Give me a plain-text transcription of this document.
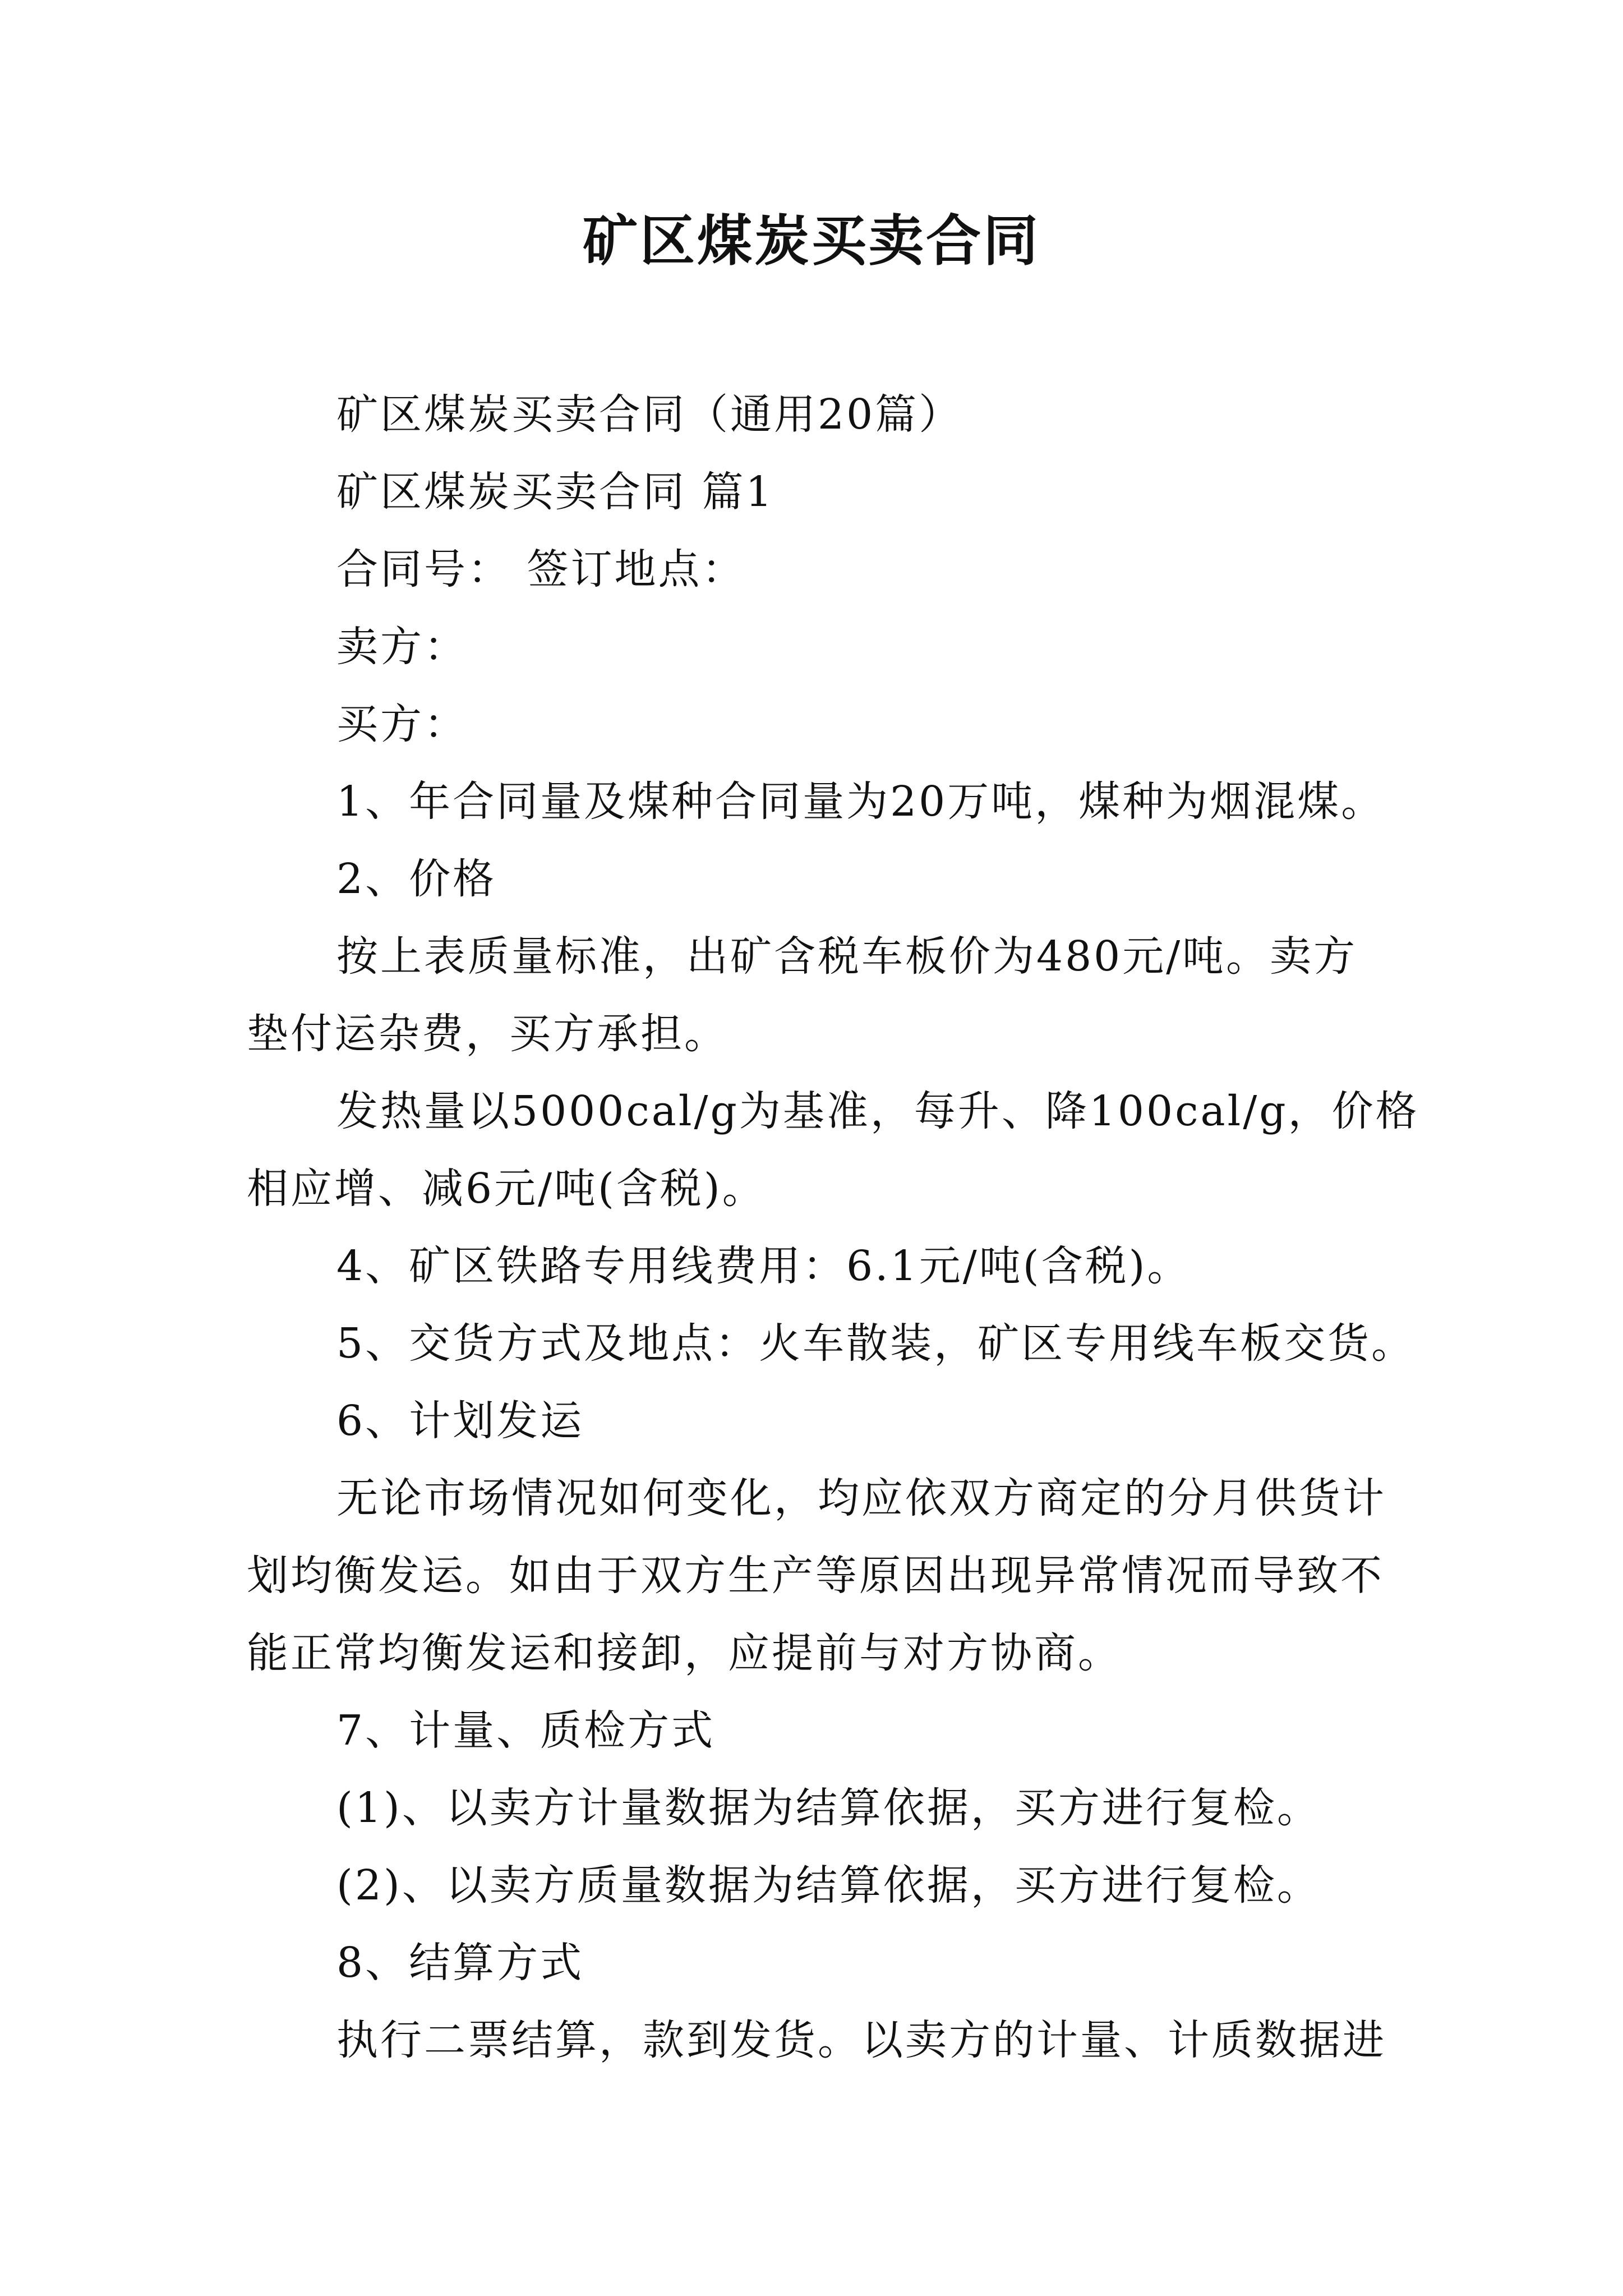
矿区煤炭买卖合同
矿区煤炭买卖合同（通用20篇）
矿区煤炭买卖合同 篇1
合同号： 签订地点：
卖方：
买方：
1、年合同量及煤种合同量为20万吨，煤种为烟混煤。
2、价格
按上表质量标准，出矿含税车板价为480元/吨。卖方
垫付运杂费，买方承担。
发热量以5000cal/g为基准，每升、降100cal/g，价格
相应增、减6元/吨(含税)。
4、矿区铁路专用线费用：6.1元/吨(含税)。
5、交货方式及地点：火车散装，矿区专用线车板交货。
6、计划发运
无论市场情况如何变化，均应依双方商定的分月供货计
划均衡发运。如由于双方生产等原因出现异常情况而导致不
能正常均衡发运和接卸，应提前与对方协商。
7、计量、质检方式
(1)、以卖方计量数据为结算依据，买方进行复检。
(2)、以卖方质量数据为结算依据，买方进行复检。
8、结算方式
执行二票结算，款到发货。以卖方的计量、计质数据进
